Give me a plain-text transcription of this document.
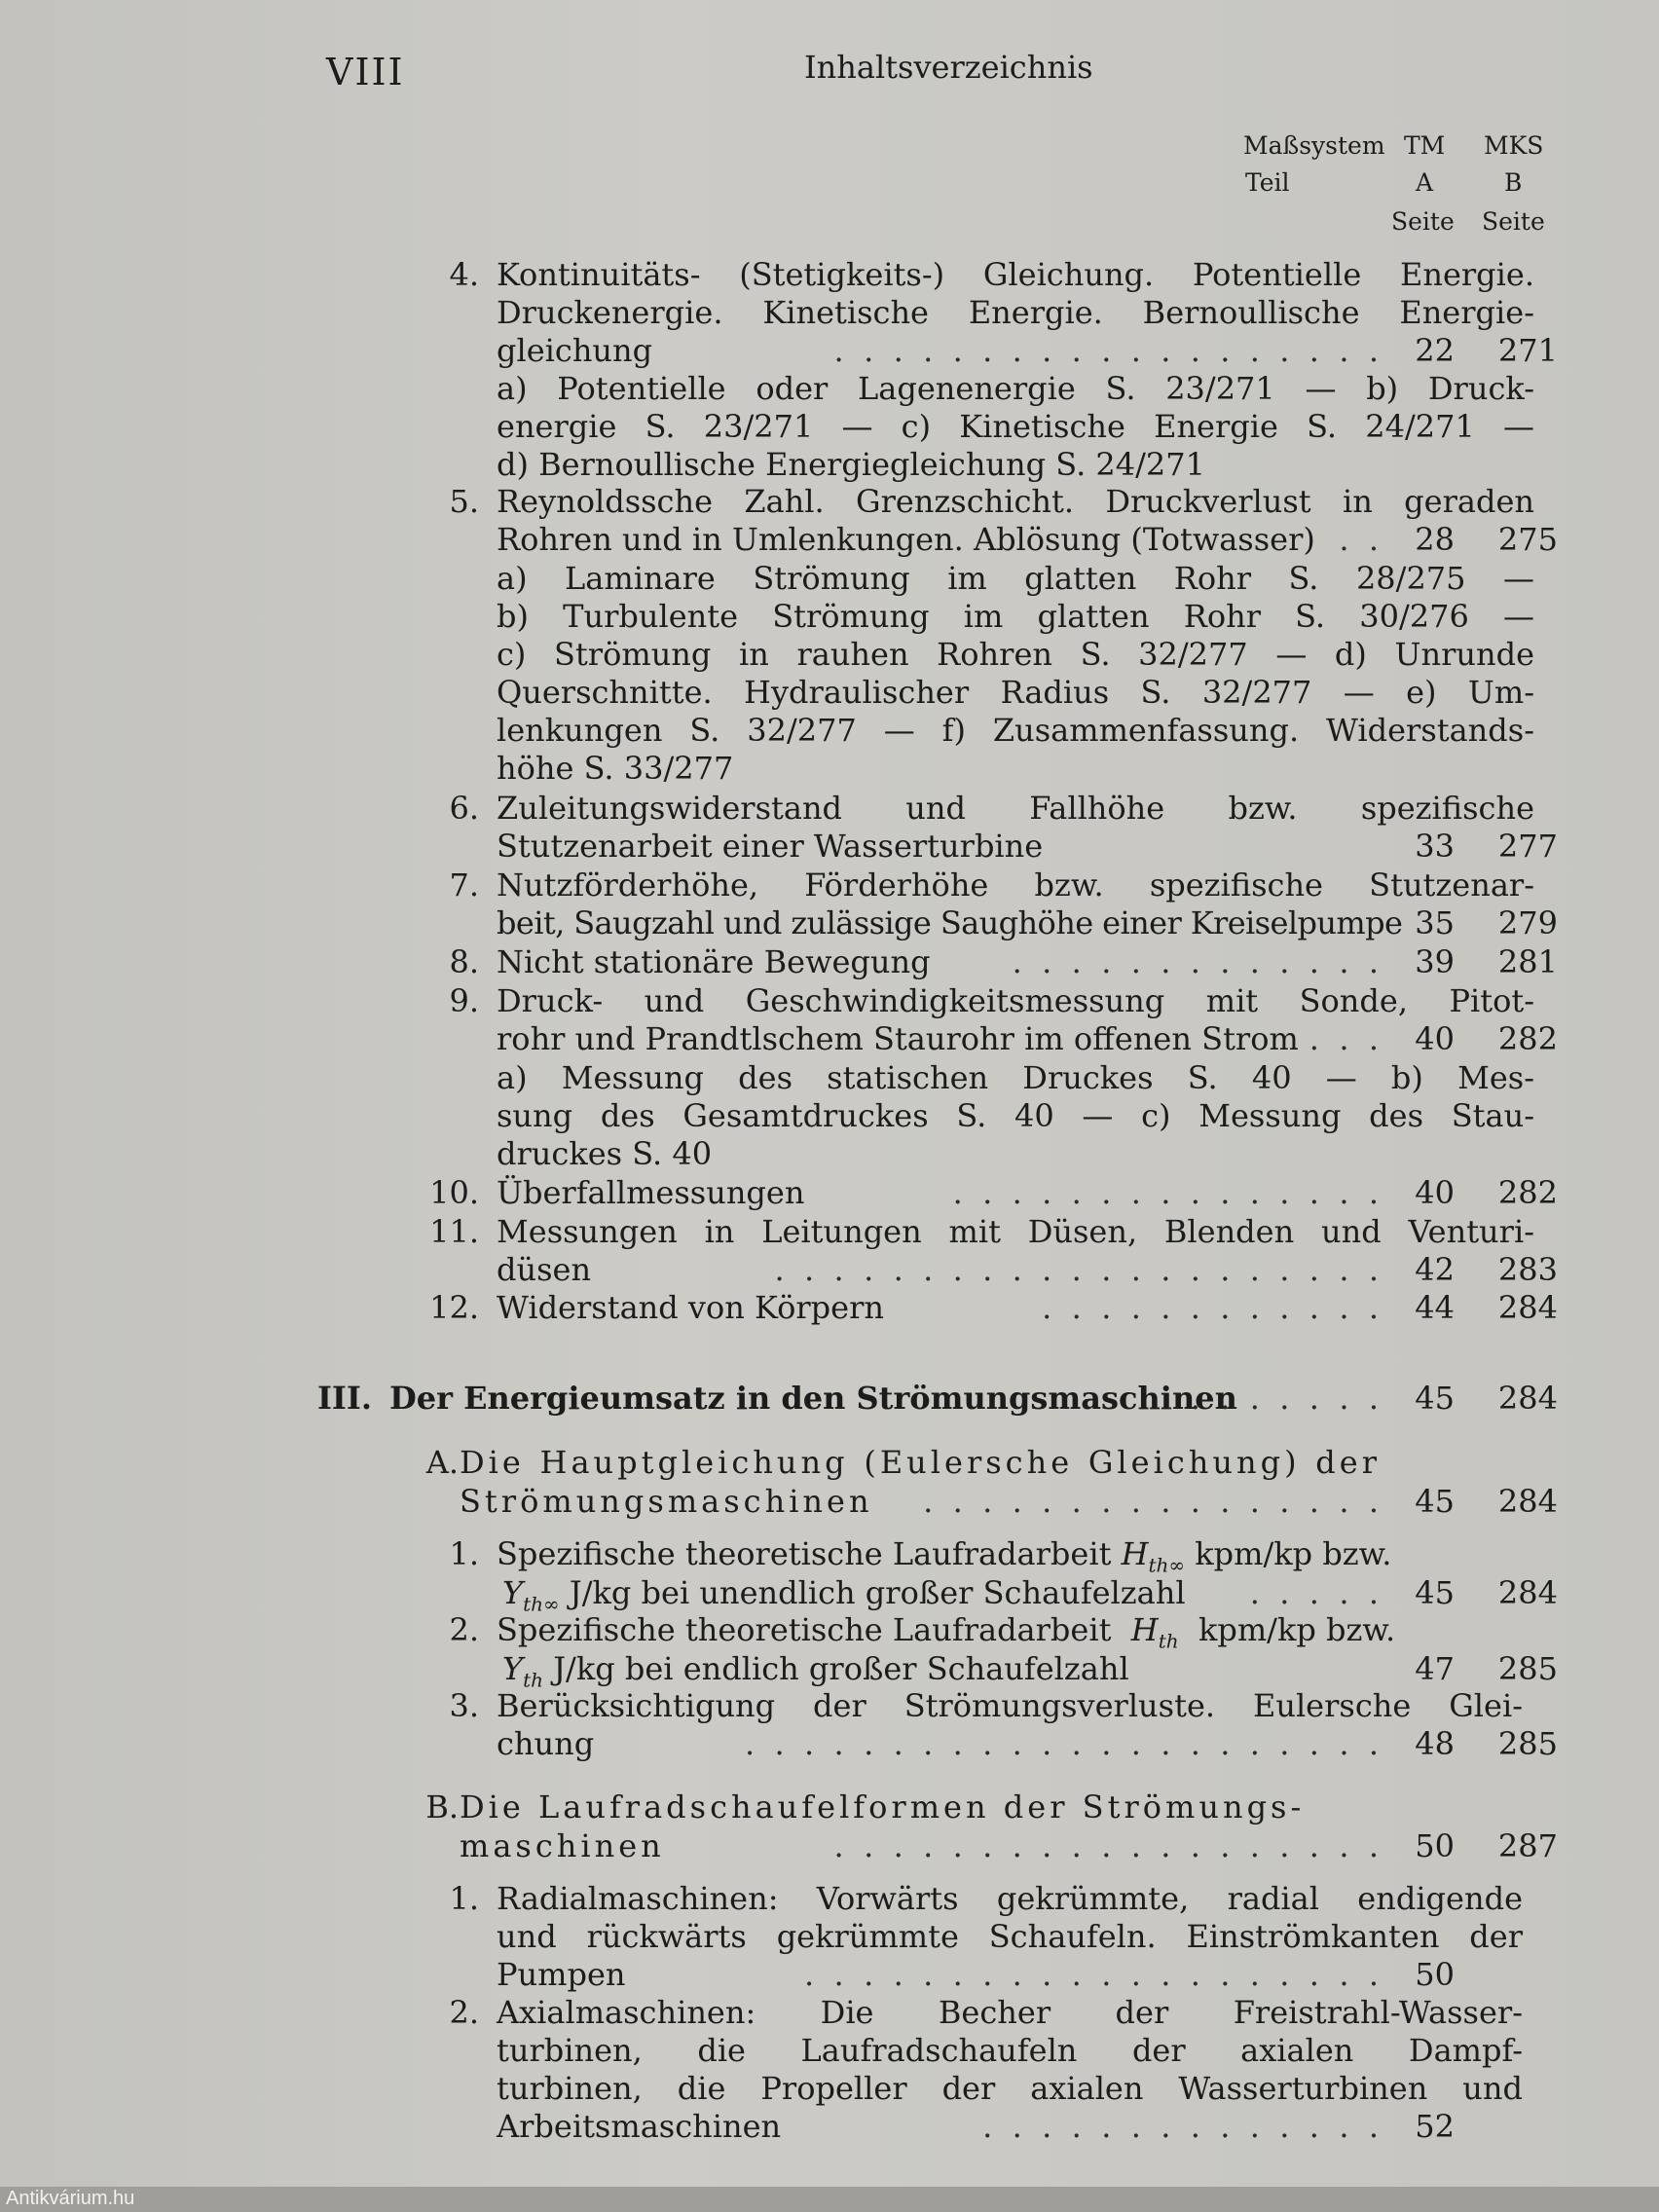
VIII	Inhaltsverzeichnis
Maßsystem TM MKS
Teil	A	B
Seite Seite
4. Kontinuitäts- (Stetigkeits-) Gleichung. Potentielle Energie.
Druckenergie. Kinetische Energie. Bernoullische Energie-
gleichung	.  .  .  .  .  .  .  .  .  .  .  .  .  .  .  .  .  .  . 22 271
a) Potentielle oder Lagenenergie S. 23/271 — b) Druck-
energie S. 23/271 — c) Kinetische Energie S. 24/271 —
d) Bernoullische Energiegleichung S. 24/271
5. Reynoldssche Zahl. Grenzschicht. Druckverlust in geraden
Rohren und in Umlenkungen. Ablösung (Totwasser) .  . 28 275
a) Laminare Strömung im glatten Rohr S. 28/275 —
b) Turbulente Strömung im glatten Rohr S. 30/276 —
c) Strömung in rauhen Rohren S. 32/277 — d) Unrunde
Querschnitte. Hydraulischer Radius S. 32/277 — e) Um-
lenkungen S. 32/277 — f) Zusammenfassung. Widerstands-
höhe S. 33/277
6. Zuleitungswiderstand und Fallhöhe bzw. spezifische
Stutzenarbeit einer Wasserturbine	33 277
7. Nutzförderhöhe, Förderhöhe bzw. spezifische Stutzenar-
beit, Saugzahl und zulässige Saughöhe einer Kreiselpumpe 35 279
8. Nicht stationäre Bewegung	.  .  .  .  .  .  .  .  .  .  .  .  . 39 281
9. Druck- und Geschwindigkeitsmessung mit Sonde, Pitot-
rohr und Prandtlschem Staurohr im offenen Strom .  .  . 40 282
a) Messung des statischen Druckes S. 40 — b) Mes-
sung des Gesamtdruckes S. 40 — c) Messung des Stau-
druckes S. 40
10. Überfallmessungen	.  .  .  .  .  .  .  .  .  .  .  .  .  .  . 40 282
11. Messungen in Leitungen mit Düsen, Blenden und Venturi-
düsen	.  .  .  .  .  .  .  .  .  .  .  .  .  .  .  .  .  .  .  .  . 42 283
12. Widerstand von Körpern	.  .  .  .  .  .  .  .  .  .  .  . 44 284
III. Der Energieumsatz in den Strömungsmaschinen
.  .  .  .  .  .  . 45 284
A. Die Hauptgleichung (Eulersche Gleichung) der
Strömungsmaschinen .  .  .  .  .  .  .  .  .  .  .  .  .  .  .  . 45 284
1. Spezifische theoretische Laufradarbeit $H_{th\infty}$ kpm/kp bzw.
$Y_{th\infty}$ J/kg bei unendlich großer Schaufelzahl .  .  .  .  . 45 284
2. Spezifische theoretische Laufradarbeit $H_{th}$ kpm/kp bzw.
$Y_{th}$ J/kg bei endlich großer Schaufelzahl	47 285
3. Berücksichtigung der Strömungsverluste. Eulersche Glei-
chung	.  .  .  .  .  .  .  .  .  .  .  .  .  .  .  .  .  .  .  .  .  . 48 285
B. Die Laufradschaufelformen der Strömungs-
maschinen	.  .  .  .  .  .  .  .  .  .  .  .  .  .  .  .  .  .  . 50 287
1. Radialmaschinen: Vorwärts gekrümmte, radial endigende
und rückwärts gekrümmte Schaufeln. Einströmkanten der
Pumpen	.  .  .  .  .  .  .  .  .  .  .  .  .  .  .  .  .  .  .  . 50
2. Axialmaschinen: Die Becher der Freistrahl-Wasser-
turbinen, die Laufradschaufeln der axialen Dampf-
turbinen, die Propeller der axialen Wasserturbinen und
Arbeitsmaschinen	.  .  .  .  .  .  .  .  .  .  .  .  .  . 52
Antikvárium.hu
